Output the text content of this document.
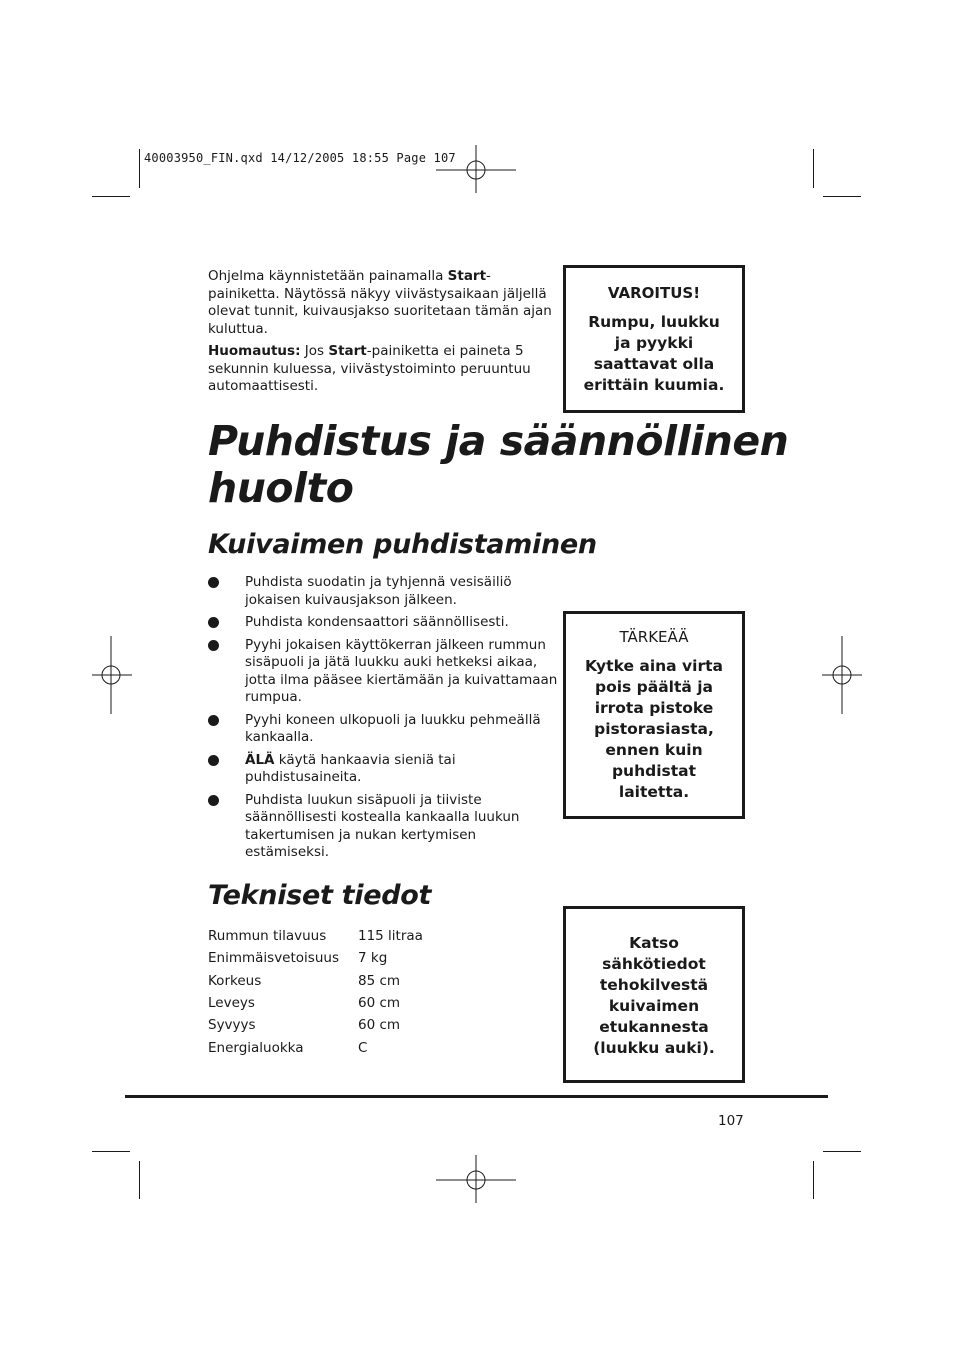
40003950_FIN.qxd 14/12/2005 18:55 Page 107

Ohjelma käynnistetään painamalla Start-painiketta. Näytössä näkyy viivästysaikaan jäljellä olevat tunnit, kuivausjakso suoritetaan tämän ajan kuluttua.

Huomautus: Jos Start-painiketta ei paineta 5 sekunnin kuluessa, viivästystoiminto peruuntuu automaattisesti.

VAROITUS!
Rumpu, luukku ja pyykki saattavat olla erittäin kuumia.
Puhdistus ja säännöllinen huolto
Kuivaimen puhdistaminen
Puhdista suodatin ja tyhjennä vesisäiliö jokaisen kuivausjakson jälkeen.
Puhdista kondensaattori säännöllisesti.
Pyyhi jokaisen käyttökerran jälkeen rummun sisäpuoli ja jätä luukku auki hetkeksi aikaa, jotta ilma pääsee kiertämään ja kuivattamaan rumpua.
Pyyhi koneen ulkopuoli ja luukku pehmeällä kankaalla.
ÄLÄ käytä hankaavia sieniä tai puhdistusaineita.
Puhdista luukun sisäpuoli ja tiiviste säännöllisesti kostealla kankaalla luukun takertumisen ja nukan kertymisen estämiseksi.
TÄRKEÄÄ
Kytke aina virta pois päältä ja irrota pistoke pistorasiasta, ennen kuin puhdistat laitetta.
Tekniset tiedot
Rummun tilavuus	115 litraa
Enimmäisvetoisuus	7 kg
Korkeus	85 cm
Leveys	60 cm
Syvyys	60 cm
Energialuokka	C
Katso sähkötiedot tehokilvestä kuivaimen etukannesta (luukku auki).
107
